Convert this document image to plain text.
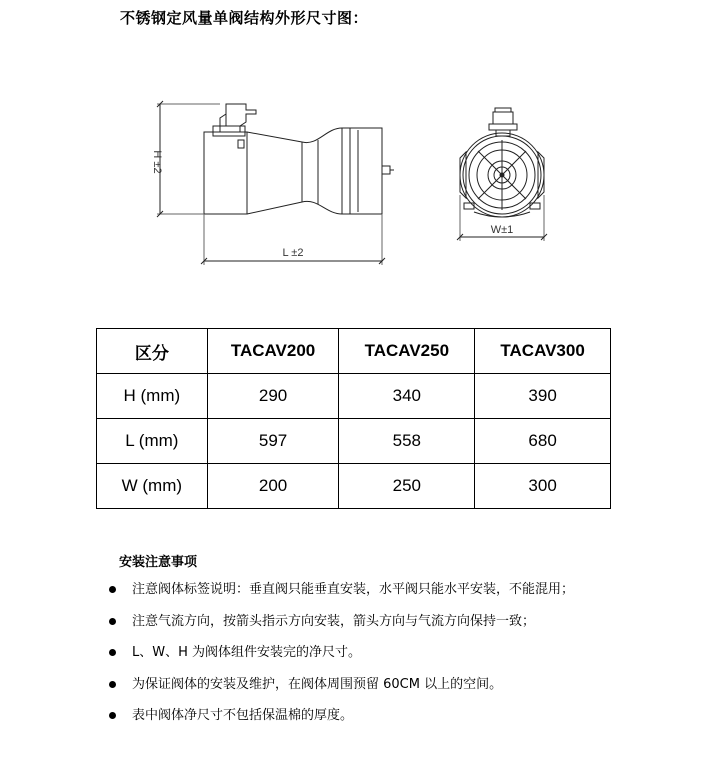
不锈钢定风量单阀结构外形尺寸图：
H ±2
L ±2
W±1
区分	TACAV200	TACAV250	TACAV300
H (mm)	290	340	390
L (mm)	597	558	680
W (mm)	200	250	300
安装注意事项
注意阀体标签说明：垂直阀只能垂直安装，水平阀只能水平安装，不能混用；
注意气流方向，按箭头指示方向安装，箭头方向与气流方向保持一致；
L、W、H 为阀体组件安装完的净尺寸。
为保证阀体的安装及维护，在阀体周围预留 60CM 以上的空间。
表中阀体净尺寸不包括保温棉的厚度。
